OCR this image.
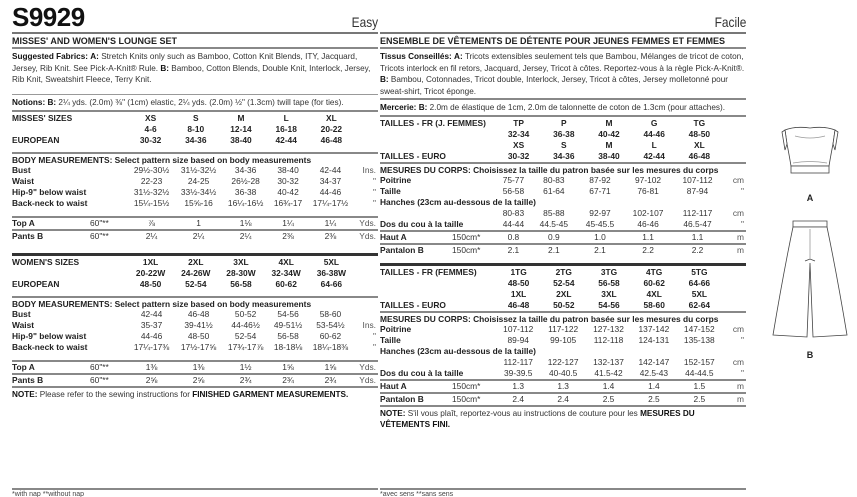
S9929	Easy
MISSES' AND WOMEN'S LOUNGE SET
Suggested Fabrics: A: Stretch Knits only such as Bamboo, Cotton Knit Blends, ITY, Jacquard, Jersey, Rib Knit. See Pick-A-Knit® Rule. B: Bamboo, Cotton Blends, Double Knit, Interlock, Jersey, Rib Knit, Sweatshirt Fleece, Terry Knit.
Notions: B: 2¼ yds. (2.0m) ⅜" (1cm) elastic, 2¼ yds. (2.0m) ½" (1.3cm) twill tape (for ties).
MISSES' SIZES	XS	S	M	L	XL	
	4-6	8-10	12-14	16-18	20-22	
EUROPEAN	30-32	34-36	38-40	42-44	46-48	
BODY MEASUREMENTS: Select pattern size based on body measurements
Bust		29½-30½	31½-32½	34-36	38-40	42-44	Ins.
Waist		22-23	24-25	26½-28	30-32	34-37	"
Hip-9" below waist		31½-32½	33½-34½	36-38	40-42	44-46	"
Back-neck to waist		15¼-15½	15⅝-16	16¼-16½	16¾-17	17¼-17½	"

Top A	60"**	⅞	1	1⅛	1¼	1¼	Yds.
Pants B	60"**	2¼	2¼	2¼	2⅜	2⅜	Yds.
WOMEN'S SIZES	1XL	2XL	3XL	4XL	5XL	
	20-22W	24-26W	28-30W	32-34W	36-38W	
EUROPEAN	48-50	52-54	56-58	60-62	64-66	
BODY MEASUREMENTS: Select pattern size based on body measurements
Bust		42-44	46-48	50-52	54-56	58-60	
Waist		35-37	39-41½	44-46½	49-51½	53-54½	Ins.
Hip-9" below waist		44-46	48-50	52-54	56-58	60-62	"
Back-neck to waist		17¼-17⅜	17½-17⅝	17¾-17⅞	18-18⅛	18¼-18⅜	"

Top A	60"**	1⅜	1⅜	1½	1⅝	1⅝	Yds.
Pants B	60"**	2⅝	2⅝	2¾	2¾	2¾	Yds.
NOTE: Please refer to the sewing instructions for FINISHED GARMENT MEASUREMENTS.
*with nap **without nap
Facile
ENSEMBLE DE VÊTEMENTS DE DÉTENTE POUR JEUNES FEMMES ET FEMMES
Tissus Conseillés: A: Tricots extensibles seulement tels que Bambou, Mélanges de tricot de coton, Tricots interlock en fil retors, Jacquard, Jersey, Tricot à côtes. Reportez-vous à la règle Pick-A-Knit®. B: Bambou, Cotonnades, Tricot double, Interlock, Jersey, Tricot à côtes, Jersey molletonné pour sweat-shirt, Tricot éponge.
Mercerie: B: 2.0m de élastique de 1cm, 2.0m de talonnette de coton de 1.3cm (pour attaches).
TAILLES - FR (J. FEMMES)	TP	P	M	G	TG	
	32-34	36-38	40-42	44-46	48-50	
	XS	S	M	L	XL	
TAILLES - EURO	30-32	34-36	38-40	42-44	46-48	
MESURES DU CORPS: Choisissez la taille du patron basée sur les mesures du corps
Poitrine		75-77	80-83	87-92	97-102	107-112	cm
Taille		56-58	61-64	67-71	76-81	87-94	"
Hanches (23cm au-dessous de la taille)							
		80-83	85-88	92-97	102-107	112-117	cm
Dos du cou à la taille		44-44	44.5-45	45-45.5	46-46	46.5-47	"
Haut A	150cm*	0.8	0.9	1.0	1.1	1.1	m
Pantalon B	150cm*	2.1	2.1	2.1	2.2	2.2	m
TAILLES - FR (FEMMES)	1TG	2TG	3TG	4TG	5TG	
	48-50	52-54	56-58	60-62	64-66	
	1XL	2XL	3XL	4XL	5XL	
TAILLES - EURO	46-48	50-52	54-56	58-60	62-64	
MESURES DU CORPS: Choisissez la taille du patron basée sur les mesures du corps
Poitrine		107-112	117-122	127-132	137-142	147-152	cm
Taille		89-94	99-105	112-118	124-131	135-138	"
Hanches (23cm au-dessous de la taille)							
		112-117	122-127	132-137	142-147	152-157	cm
Dos du cou à la taille		39-39.5	40-40.5	41.5-42	42.5-43	44-44.5	"
Haut A	150cm*	1.3	1.3	1.4	1.4	1.5	m
Pantalon B	150cm*	2.4	2.4	2.5	2.5	2.5	m
NOTE: S'il vous plaît, reportez-vous au instructions de couture pour les MESURES DU VÊTEMENTS FINI.
*avec sens **sans sens
A
B
